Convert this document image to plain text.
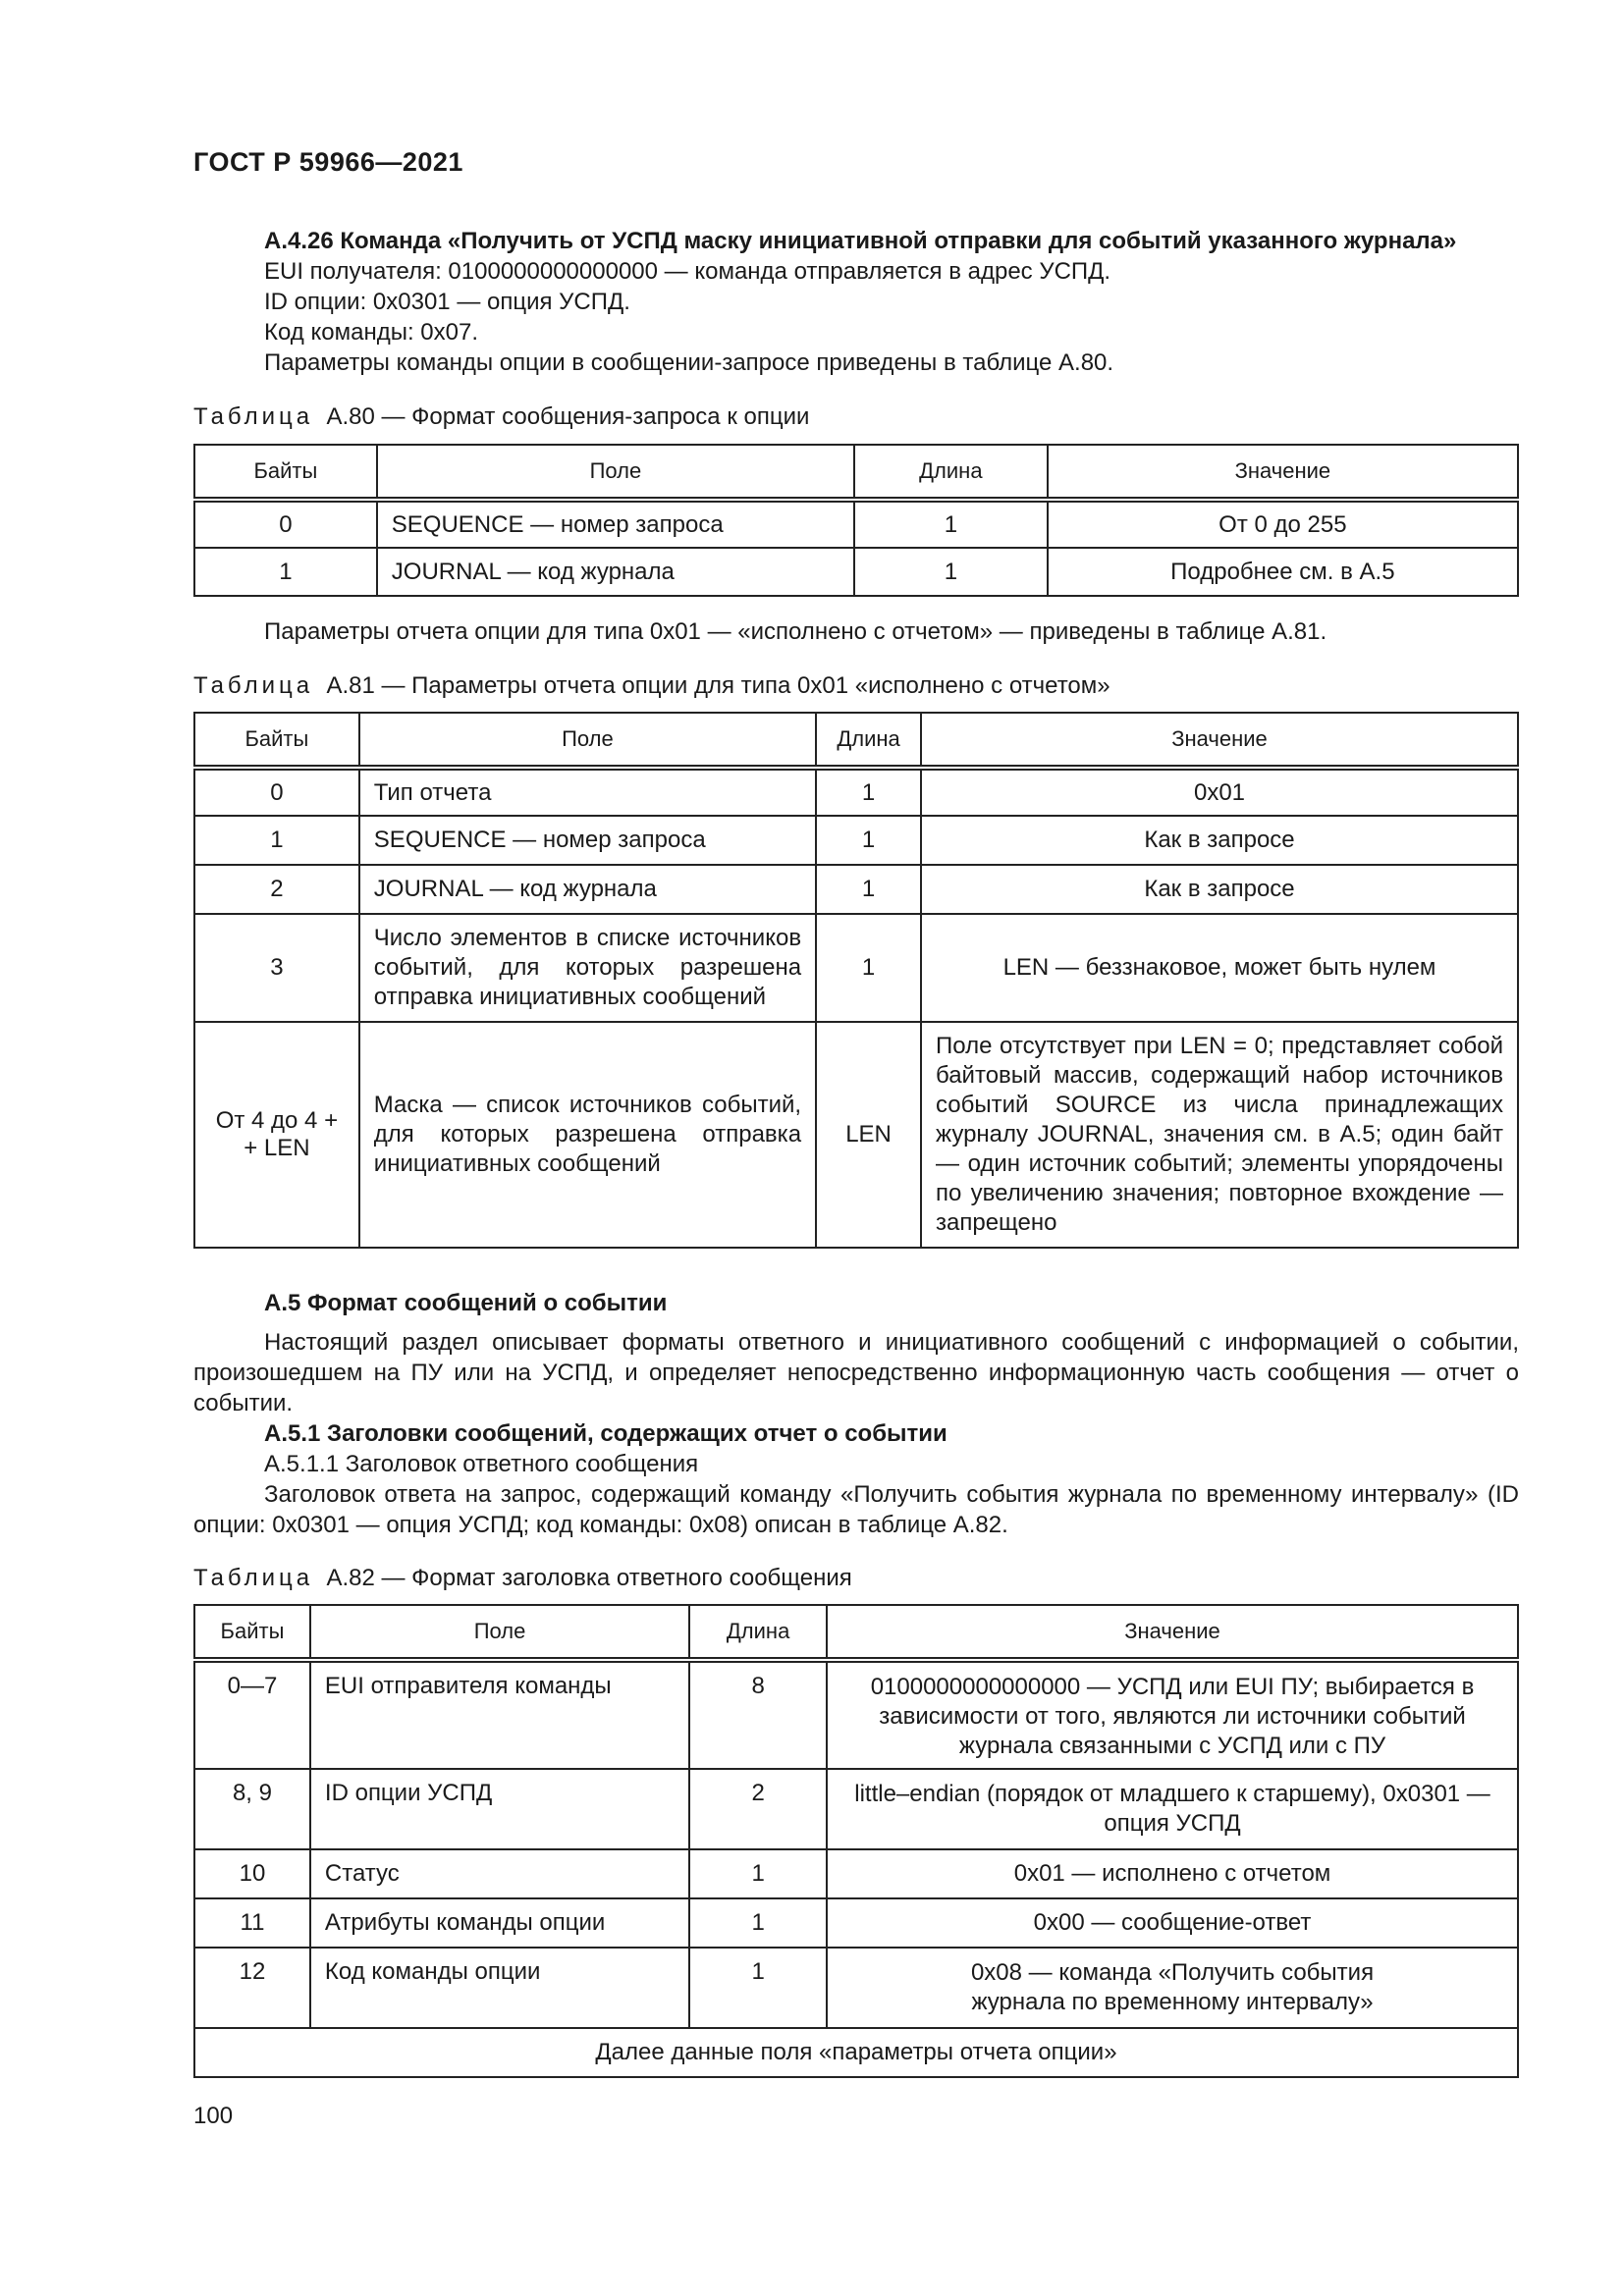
ГОСТ Р 59966—2021
А.4.26 Команда «Получить от УСПД маску инициативной отправки для событий указанного журнала»
EUI получателя: 0100000000000000 — команда отправляется в адрес УСПД.
ID опции: 0x0301 — опция УСПД.
Код команды: 0x07.
Параметры команды опции в сообщении-запросе приведены в таблице А.80.
Таблица А.80 — Формат сообщения-запроса к опции
Байты	Поле	Длина	Значение
0	SEQUENCE — номер запроса	1	От 0 до 255
1	JOURNAL — код журнала	1	Подробнее см. в А.5
Параметры отчета опции для типа 0x01 — «исполнено с отчетом» — приведены в таблице А.81.
Таблица А.81 — Параметры отчета опции для типа 0x01 «исполнено с отчетом»
Байты	Поле	Длина	Значение
0	Тип отчета	1	0x01
1	SEQUENCE — номер запроса	1	Как в запросе
2	JOURNAL — код журнала	1	Как в запросе
3	Число элементов в списке источников событий, для которых разрешена отправка инициативных сообщений	1	LEN — беззнаковое, может быть нулем
От 4 до 4 + + LEN	Маска — список источников событий, для которых разрешена отправка инициативных сообщений	LEN	Поле отсутствует при LEN = 0; представляет собой байтовый массив, содержащий набор источников событий SOURCE из числа принадлежащих журналу JOURNAL, значения см. в А.5; один байт — один источник событий; элементы упорядочены по увеличению значения; повторное вхождение — запрещено
А.5 Формат сообщений о событии
Настоящий раздел описывает форматы ответного и инициативного сообщений с информацией о событии, произошедшем на ПУ или на УСПД, и определяет непосредственно информационную часть сообщения — отчет о событии.
А.5.1 Заголовки сообщений, содержащих отчет о событии
А.5.1.1 Заголовок ответного сообщения
Заголовок ответа на запрос, содержащий команду «Получить события журнала по временному интервалу» (ID опции: 0x0301 — опция УСПД; код команды: 0x08) описан в таблице А.82.
Таблица А.82 — Формат заголовка ответного сообщения
Байты	Поле	Длина	Значение
0—7	EUI отправителя команды	8	0100000000000000 — УСПД или EUI ПУ; выбирается в зависимости от того, являются ли источники событий журнала связанными с УСПД или с ПУ
8, 9	ID опции УСПД	2	little–endian (порядок от младшего к старшему), 0x0301 — опция УСПД
10	Статус	1	0x01 — исполнено с отчетом
11	Атрибуты команды опции	1	0x00 — сообщение-ответ
12	Код команды опции	1	0x08 — команда «Получить события журнала по временному интервалу»
Далее данные поля «параметры отчета опции»			
100
